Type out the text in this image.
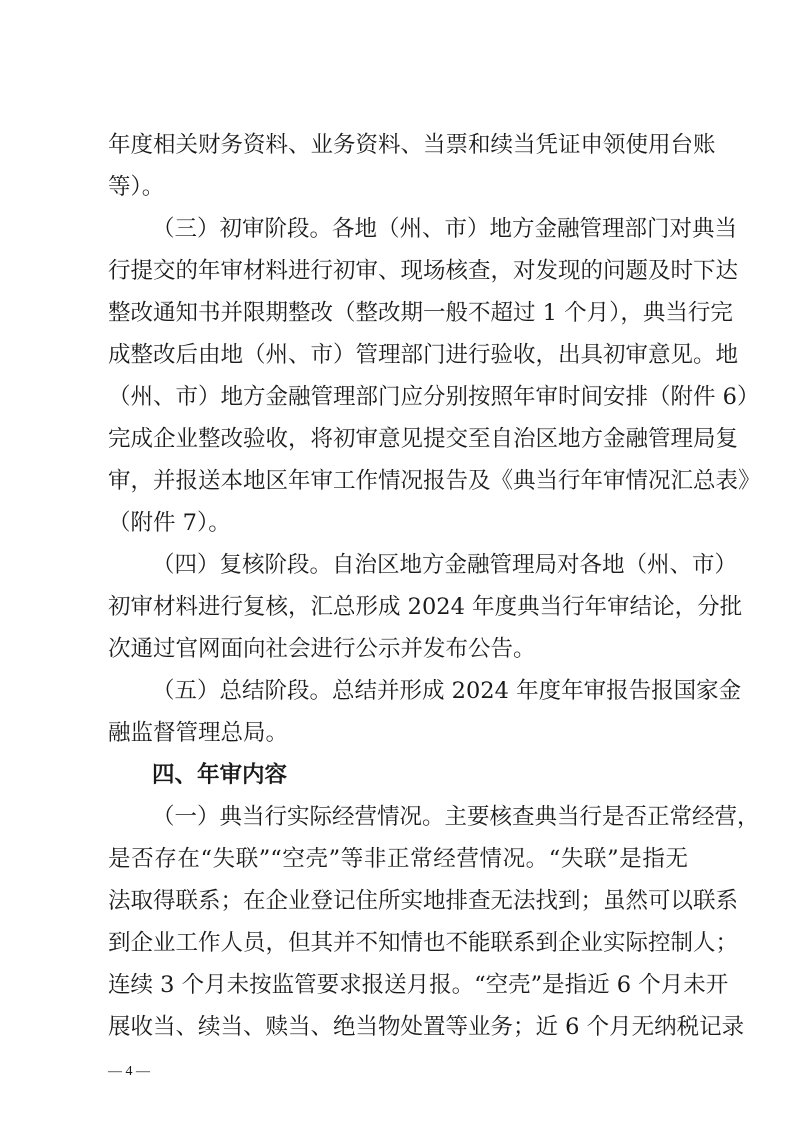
年度相关财务资料、业务资料、当票和续当凭证申领使用台账
等）。
（三）初审阶段。各地（州、市）地方金融管理部门对典当
行提交的年审材料进行初审、现场核查，对发现的问题及时下达
整改通知书并限期整改（整改期一般不超过 1 个月），典当行完
成整改后由地（州、市）管理部门进行验收，出具初审意见。地
（州、市）地方金融管理部门应分别按照年审时间安排（附件 6）
完成企业整改验收，将初审意见提交至自治区地方金融管理局复
审，并报送本地区年审工作情况报告及《典当行年审情况汇总表》
（附件 7）。
（四）复核阶段。自治区地方金融管理局对各地（州、市）
初审材料进行复核，汇总形成 2024 年度典当行年审结论，分批
次通过官网面向社会进行公示并发布公告。
（五）总结阶段。总结并形成 2024 年度年审报告报国家金
融监督管理总局。
四、年审内容
（一）典当行实际经营情况。主要核查典当行是否正常经营，
是否存在“失联”“空壳”等非正常经营情况。“失联”是指无
法取得联系；在企业登记住所实地排查无法找到；虽然可以联系
到企业工作人员，但其并不知情也不能联系到企业实际控制人；
连续 3 个月未按监管要求报送月报。“空壳”是指近 6 个月未开
展收当、续当、赎当、绝当物处置等业务；近 6 个月无纳税记录
— 4 —
